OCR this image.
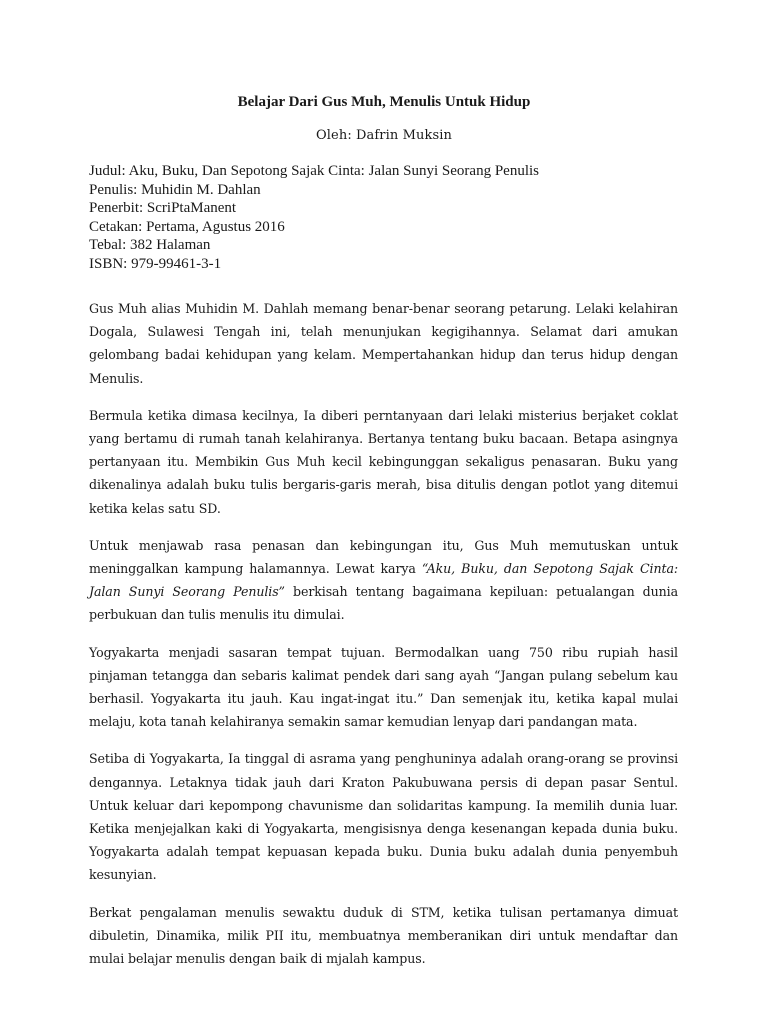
Belajar Dari Gus Muh, Menulis Untuk Hidup
Oleh: Dafrin Muksin
Judul: Aku, Buku, Dan Sepotong Sajak Cinta: Jalan Sunyi Seorang Penulis
Penulis: Muhidin M. Dahlan
Penerbit: ScriPtaManent
Cetakan: Pertama, Agustus 2016
Tebal: 382 Halaman
ISBN: 979-99461-3-1

Gus Muh alias Muhidin M. Dahlah memang benar-benar seorang petarung. Lelaki kelahiran Dogala, Sulawesi Tengah ini, telah menunjukan kegigihannya. Selamat dari amukan gelombang badai kehidupan yang kelam. Mempertahankan hidup dan terus hidup dengan Menulis.

Bermula ketika dimasa kecilnya, Ia diberi perntanyaan dari lelaki misterius berjaket coklat yang bertamu di rumah tanah kelahiranya. Bertanya tentang buku bacaan. Betapa asingnya pertanyaan itu. Membikin Gus Muh kecil kebingunggan sekaligus penasaran. Buku yang dikenalinya adalah buku tulis bergaris-garis merah, bisa ditulis dengan potlot yang ditemui ketika kelas satu SD.

Untuk menjawab rasa penasan dan kebingungan itu, Gus Muh memutuskan untuk meninggalkan kampung halamannya. Lewat karya “Aku, Buku, dan Sepotong Sajak Cinta: Jalan Sunyi Seorang Penulis” berkisah tentang bagaimana kepiluan: petualangan dunia perbukuan dan tulis menulis itu dimulai.

Yogyakarta menjadi sasaran tempat tujuan. Bermodalkan uang 750 ribu rupiah hasil pinjaman tetangga dan sebaris kalimat pendek dari sang ayah “Jangan pulang sebelum kau berhasil. Yogyakarta itu jauh. Kau ingat-ingat itu.” Dan semenjak itu, ketika kapal mulai melaju, kota tanah kelahiranya semakin samar kemudian lenyap dari pandangan mata.

Setiba di Yogyakarta, Ia tinggal di asrama yang penghuninya adalah orang-orang se provinsi dengannya. Letaknya tidak jauh dari Kraton Pakubuwana persis di depan pasar Sentul. Untuk keluar dari kepompong chavunisme dan solidaritas kampung. Ia memilih dunia luar. Ketika menjejalkan kaki di Yogyakarta, mengisisnya denga kesenangan kepada dunia buku. Yogyakarta adalah tempat kepuasan kepada buku. Dunia buku adalah dunia penyembuh kesunyian.

Berkat pengalaman menulis sewaktu duduk di STM, ketika tulisan pertamanya dimuat dibuletin, Dinamika, milik PII itu, membuatnya memberanikan diri untuk mendaftar dan mulai belajar menulis dengan baik di mjalah kampus.
